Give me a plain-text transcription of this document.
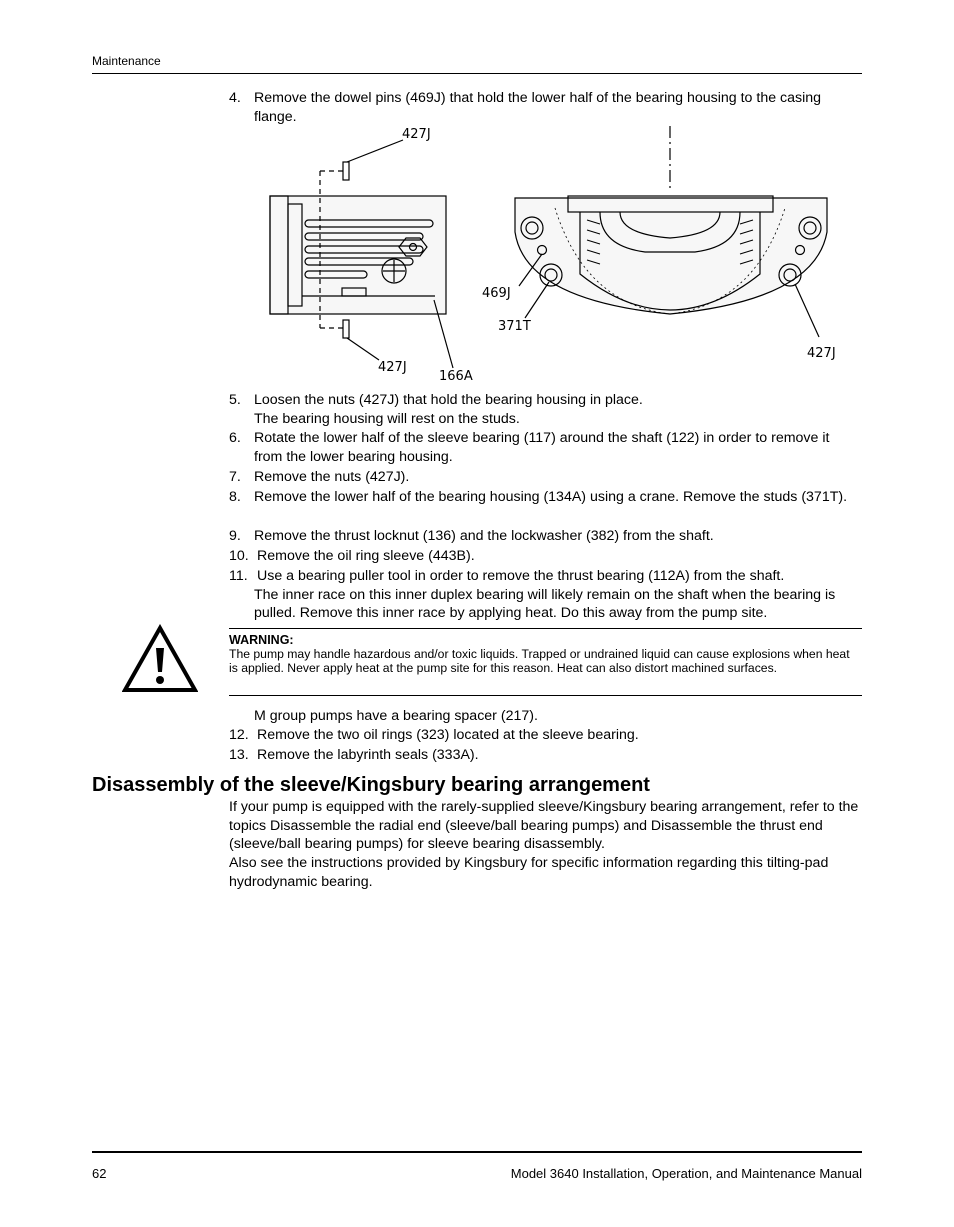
Maintenance
4. Remove the dowel pins (469J) that hold the lower half of the bearing housing to the casing flange.
427J
427J
166A
469J
371T
427J
5. Loosen the nuts (427J) that hold the bearing housing in place.
The bearing housing will rest on the studs.
6. Rotate the lower half of the sleeve bearing (117) around the shaft (122) in order to remove it from the lower bearing housing.
7. Remove the nuts (427J).
8. Remove the lower half of the bearing housing (134A) using a crane. Remove the studs (371T).
9. Remove the thrust locknut (136) and the lockwasher (382) from the shaft.
10. Remove the oil ring sleeve (443B).
11. Use a bearing puller tool in order to remove the thrust bearing (112A) from the shaft.
The inner race on this inner duplex bearing will likely remain on the shaft when the bearing is pulled. Remove this inner race by applying heat. Do this away from the pump site.
WARNING:
The pump may handle hazardous and/or toxic liquids. Trapped or undrained liquid can cause explosions when heat is applied. Never apply heat at the pump site for this reason. Heat can also distort machined surfaces.
M group pumps have a bearing spacer (217).
12. Remove the two oil rings (323) located at the sleeve bearing.
13. Remove the labyrinth seals (333A).
Disassembly of the sleeve/Kingsbury bearing arrangement
If your pump is equipped with the rarely-supplied sleeve/Kingsbury bearing arrangement, refer to the topics Disassemble the radial end (sleeve/ball bearing pumps) and Disassemble the thrust end (sleeve/ball bearing pumps) for sleeve bearing disassembly.
Also see the instructions provided by Kingsbury for specific information regarding this tilting-pad hydrodynamic bearing.
62	Model 3640 Installation, Operation, and Maintenance Manual
